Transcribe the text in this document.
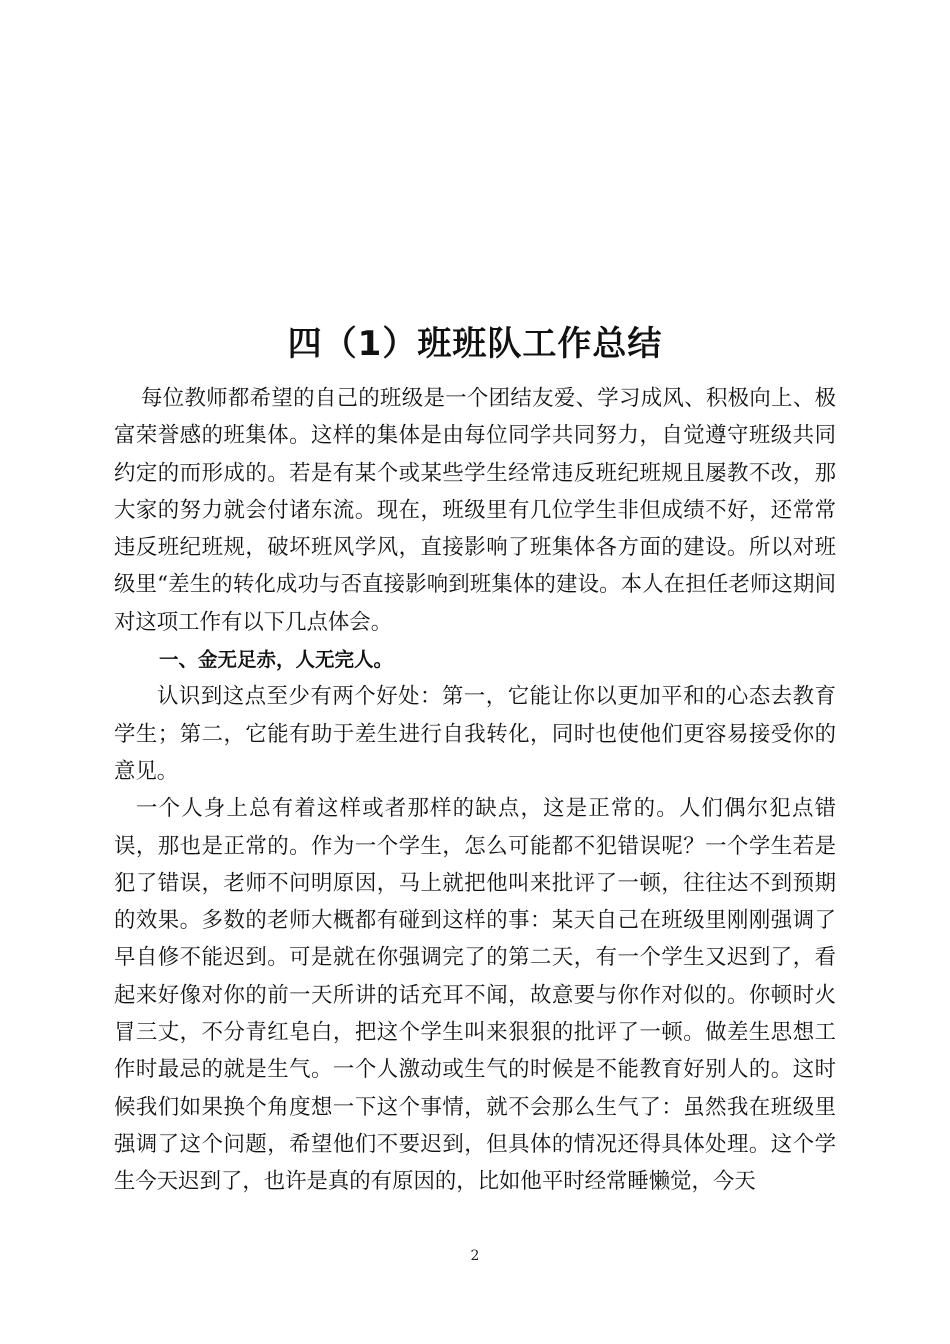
四（1）班班队工作总结

每位教师都希望的自己的班级是一个团结友爱、学习成风、积极向上、极富荣誉感的班集体。这样的集体是由每位同学共同努力，自觉遵守班级共同约定的而形成的。若是有某个或某些学生经常违反班纪班规且屡教不改，那大家的努力就会付诸东流。现在，班级里有几位学生非但成绩不好，还常常违反班纪班规，破坏班风学风，直接影响了班集体各方面的建设。所以对班级里“差生的转化成功与否直接影响到班集体的建设。本人在担任老师这期间对这项工作有以下几点体会。

一、金无足赤，人无完人。

认识到这点至少有两个好处：第一，它能让你以更加平和的心态去教育学生；第二，它能有助于差生进行自我转化，同时也使他们更容易接受你的意见。

一个人身上总有着这样或者那样的缺点，这是正常的。人们偶尔犯点错误，那也是正常的。作为一个学生，怎么可能都不犯错误呢？一个学生若是犯了错误，老师不问明原因，马上就把他叫来批评了一顿，往往达不到预期的效果。多数的老师大概都有碰到这样的事：某天自己在班级里刚刚强调了早自修不能迟到。可是就在你强调完了的第二天，有一个学生又迟到了，看起来好像对你的前一天所讲的话充耳不闻，故意要与你作对似的。你顿时火冒三丈，不分青红皂白，把这个学生叫来狠狠的批评了一顿。做差生思想工作时最忌的就是生气。一个人激动或生气的时候是不能教育好别人的。这时候我们如果换个角度想一下这个事情，就不会那么生气了：虽然我在班级里强调了这个问题，希望他们不要迟到，但具体的情况还得具体处理。这个学生今天迟到了，也许是真的有原因的，比如他平时经常睡懒觉，今天

2
